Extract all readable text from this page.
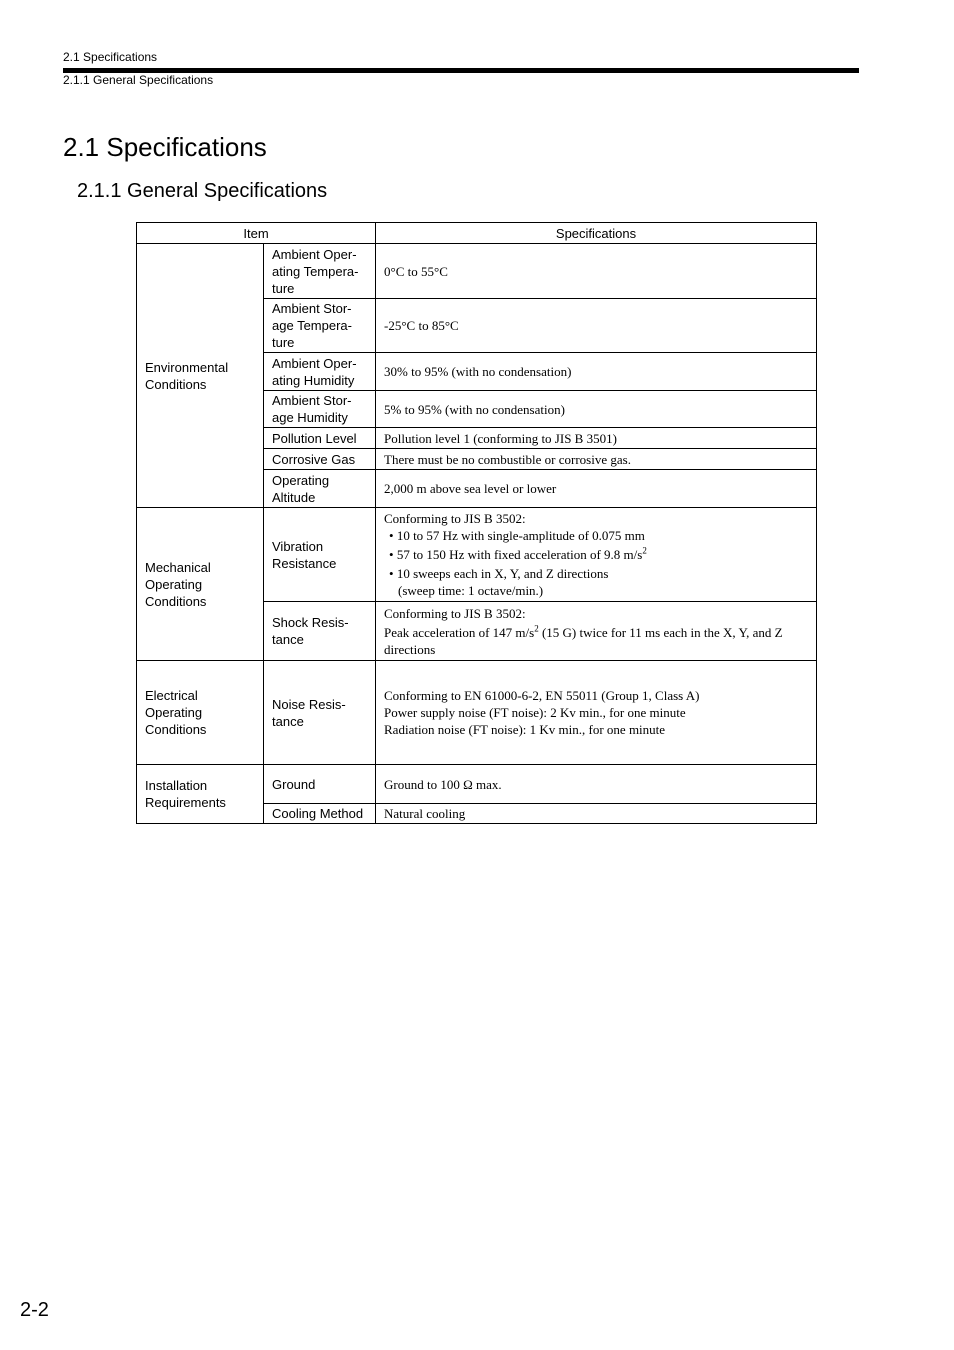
2.1 Specifications
2.1.1 General Specifications
2.1 Specifications
2.1.1 General Specifications
Item		Specifications
Environmental Conditions	Ambient Oper-ating Tempera-ture	0°C to 55°C
	Ambient Stor-age Tempera-ture	-25°C to 85°C
	Ambient Oper-ating Humidity	30% to 95% (with no condensation)
	Ambient Stor-age Humidity	5% to 95% (with no condensation)
	Pollution Level	Pollution level 1 (conforming to JIS B 3501)
	Corrosive Gas	There must be no combustible or corrosive gas.
	Operating Altitude	2,000 m above sea level or lower
Mechanical Operating Conditions	Vibration Resistance	Conforming to JIS B 3502:
• 10 to 57 Hz with single-amplitude of 0.075 mm
• 57 to 150 Hz with fixed acceleration of 9.8 $m/s^2$
• 10 sweeps each in X, Y, and Z directions
(sweep time: 1 octave/min.)

	Shock Resis-tance	Conforming to JIS B 3502:
Peak acceleration of 147 $m/s^2$ (15 G) twice for 11 ms each in the X, Y, and Z directions

Electrical Operating Conditions	Noise Resis-tance	Conforming to EN 61000-6-2, EN 55011 (Group 1, Class A)
Power supply noise (FT noise): 2 Kv min., for one minute
Radiation noise (FT noise): 1 Kv min., for one minute

Installation Requirements	Ground	Ground to 100 Ω max.
	Cooling Method	Natural cooling
2-2
